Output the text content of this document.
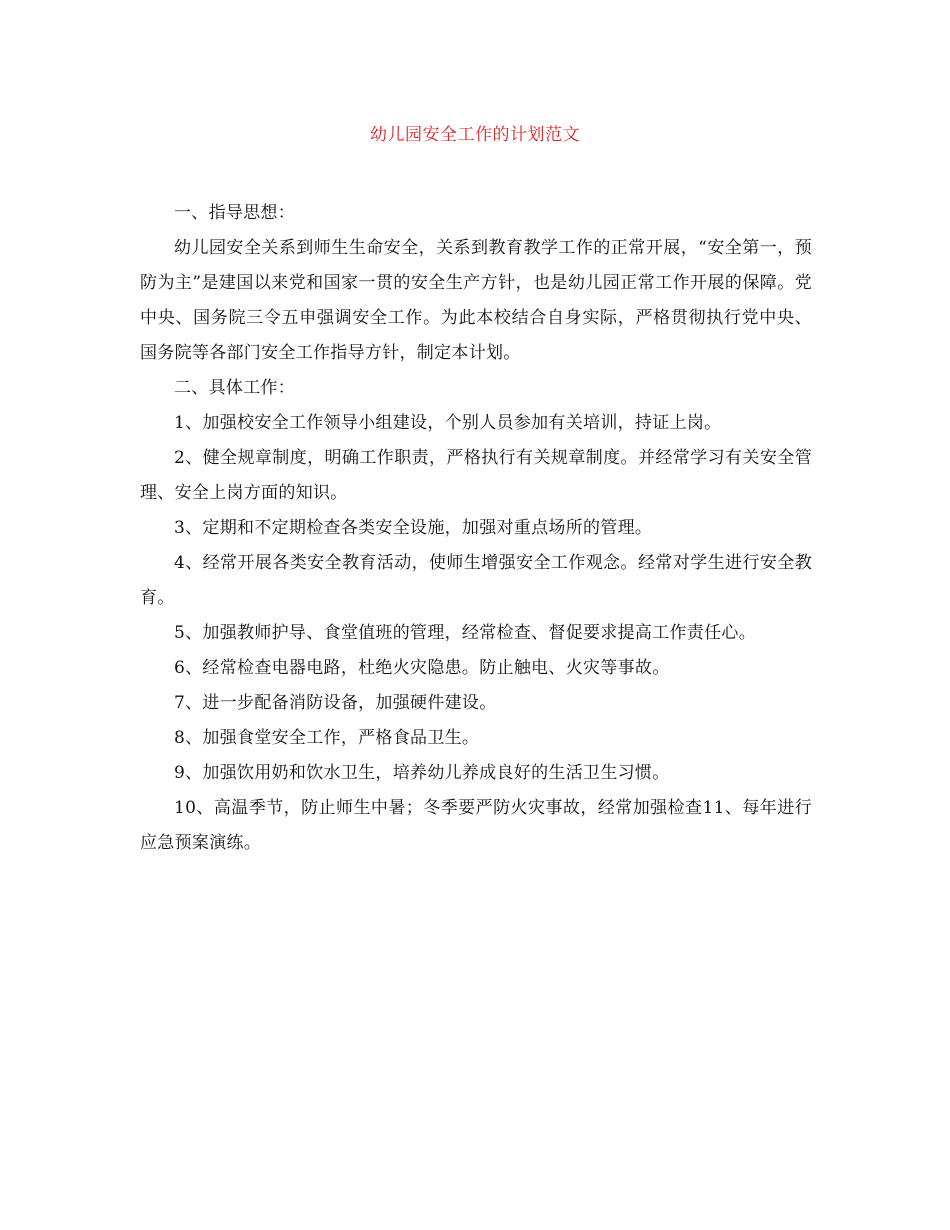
幼儿园安全工作的计划范文

一、指导思想：

幼儿园安全关系到师生生命安全，关系到教育教学工作的正常开展，“安全第一，预防为主”是建国以来党和国家一贯的安全生产方针，也是幼儿园正常工作开展的保障。党中央、国务院三令五申强调安全工作。为此本校结合自身实际，严格贯彻执行党中央、国务院等各部门安全工作指导方针，制定本计划。

二、具体工作：

1、加强校安全工作领导小组建设，个别人员参加有关培训，持证上岗。

2、健全规章制度，明确工作职责，严格执行有关规章制度。并经常学习有关安全管理、安全上岗方面的知识。

3、定期和不定期检查各类安全设施，加强对重点场所的管理。

4、经常开展各类安全教育活动，使师生增强安全工作观念。经常对学生进行安全教育。

5、加强教师护导、食堂值班的管理，经常检查、督促要求提高工作责任心。

6、经常检查电器电路，杜绝火灾隐患。防止触电、火灾等事故。

7、进一步配备消防设备，加强硬件建设。

8、加强食堂安全工作，严格食品卫生。

9、加强饮用奶和饮水卫生，培养幼儿养成良好的生活卫生习惯。

10、高温季节，防止师生中暑；冬季要严防火灾事故，经常加强检查11、每年进行应急预案演练。
